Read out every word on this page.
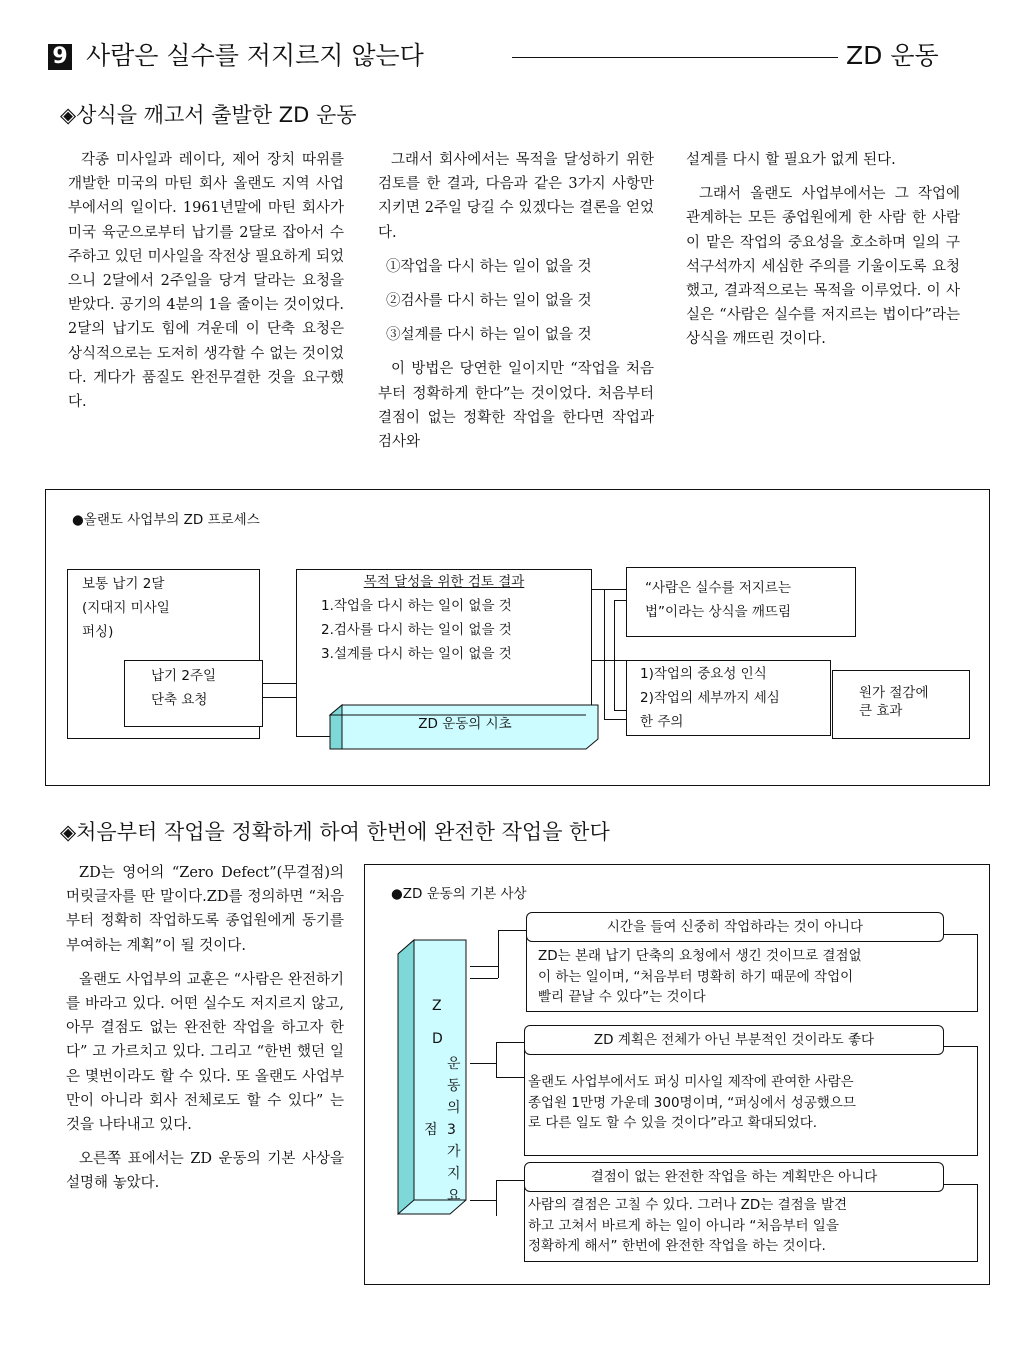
9 사람은 실수를 저지르지 않는다	ZD 운동
◈상식을 깨고서 출발한 ZD 운동

각종 미사일과 레이다, 제어 장치 따위를 개발한 미국의 마틴 회사 올랜도 지역 사업부에서의 일이다. 1961년말에 마틴 회사가 미국 육군으로부터 납기를 2달로 잡아서 수주하고 있던 미사일을 작전상 필요하게 되었으니 2달에서 2주일을 당겨 달라는 요청을 받았다. 공기의 4분의 1을 줄이는 것이었다. 2달의 납기도 힘에 겨운데 이 단축 요청은 상식적으로는 도저히 생각할 수 없는 것이었다. 게다가 품질도 완전무결한 것을 요구했다.

그래서 회사에서는 목적을 달성하기 위한 검토를 한 결과, 다음과 같은 3가지 사항만 지키면 2주일 당길 수 있겠다는 결론을 얻었다.

①작업을 다시 하는 일이 없을 것

②검사를 다시 하는 일이 없을 것

③설계를 다시 하는 일이 없을 것

이 방법은 당연한 일이지만 “작업을 처음부터 정확하게 한다”는 것이었다. 처음부터 결점이 없는 정확한 작업을 한다면 작업과 검사와

설계를 다시 할 필요가 없게 된다.

그래서 올랜도 사업부에서는 그 작업에 관계하는 모든 종업원에게 한 사람 한 사람이 맡은 작업의 중요성을 호소하며 일의 구석구석까지 세심한 주의를 기울이도록 요청했고, 결과적으로는 목적을 이루었다. 이 사실은 “사람은 실수를 저지르는 법이다”라는 상식을 깨뜨린 것이다.

●올랜도 사업부의 ZD 프로세스
보통 납기 2달
(지대지 미사일
퍼싱)
납기 2주일
단축 요청
목적 달성을 위한 검토 결과
1.작업을 다시 하는 일이 없을 것
2.검사를 다시 하는 일이 없을 것
3.설계를 다시 하는 일이 없을 것
ZD 운동의 시초
“사람은 실수를 저지르는
법”이라는 상식을 깨뜨림
1)작업의 중요성 인식
2)작업의 세부까지 세심
한 주의
원가 절감에
큰 효과
◈처음부터 작업을 정확하게 하여 한번에 완전한 작업을 한다

ZD는 영어의 “Zero Defect”(무결점)의 머릿글자를 딴 말이다.ZD를 정의하면 “처음부터 정확히 작업하도록 종업원에게 동기를 부여하는 계획”이 될 것이다.

올랜도 사업부의 교훈은 “사람은 완전하기를 바라고 있다. 어떤 실수도 저지르지 않고, 아무 결점도 없는 완전한 작업을 하고자 한다” 고 가르치고 있다. 그리고 “한번 했던 일은 몇번이라도 할 수 있다. 또 올랜도 사업부만이 아니라 회사 전체로도 할 수 있다” 는 것을 나타내고 있다.

오른쪽 표에서는 ZD 운동의 기본 사상을 설명해 놓았다.

●ZD 운동의 기본 사상
Z
D
운
동
의
3
가
지
요
점
시간을 들여 신중히 작업하라는 것이 아니다
ZD는 본래 납기 단축의 요청에서 생긴 것이므로 결점없
이 하는 일이며, “처음부터 명확히 하기 때문에 작업이
빨리 끝날 수 있다”는 것이다
ZD 계획은 전체가 아닌 부분적인 것이라도 좋다
올랜도 사업부에서도 퍼싱 미사일 제작에 관여한 사람은
종업원 1만명 가운데 300명이며, “퍼싱에서 성공했으므
로 다른 일도 할 수 있을 것이다”라고 확대되었다.
결점이 없는 완전한 작업을 하는 계획만은 아니다
사람의 결점은 고칠 수 있다. 그러나 ZD는 결점을 발견
하고 고쳐서 바르게 하는 일이 아니라 “처음부터 일을
정확하게 해서” 한번에 완전한 작업을 하는 것이다.
